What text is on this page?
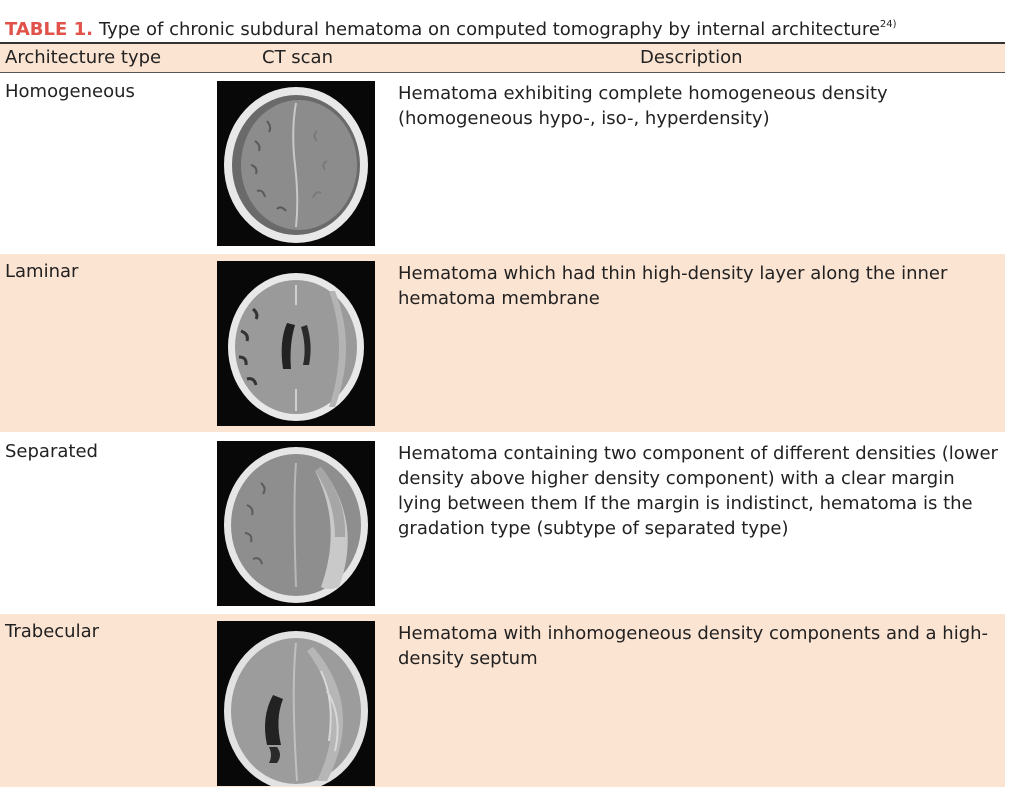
TABLE 1. Type of chronic subdural hematoma on computed tomography by internal architecture$^{24)}$
Architecture type	CT scan	Description
Homogeneous	Hematoma exhibiting complete homogeneous density (homogeneous hypo-, iso-, hyperdensity)
Laminar	Hematoma which had thin high-density layer along the inner hematoma membrane
Separated	Hematoma containing two component of different densities (lower density above higher density component) with a clear margin lying between them If the margin is indistinct, hematoma is the gradation type (subtype of separated type)
Trabecular	Hematoma with inhomogeneous density components and a high-density septum
